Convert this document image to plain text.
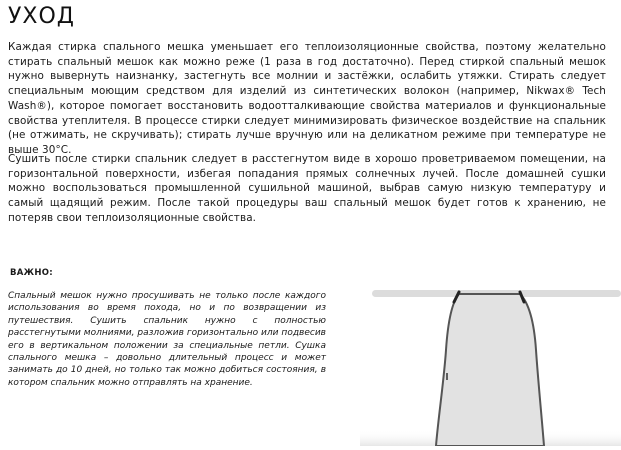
УХОД

Каждая стирка спального мешка уменьшает его теплоизоляционные свойства, поэтому желательно стирать спальный мешок как можно реже (1 раза в год достаточно). Перед стиркой спальный мешок нужно вывернуть наизнанку, застегнуть все молнии и застёжки, ослабить утяжки. Стирать следует специальным моющим средством для изделий из синтетических волокон (например, Nikwax® Tech Wash®), которое помогает восстановить водоотталкивающие свойства материалов и функциональные свойства утеплителя. В процессе стирки следует минимизировать физическое воздействие на спальник (не отжимать, не скручивать); стирать лучше вручную или на деликатном режиме при температуре не выше 30°C.

Сушить после стирки спальник следует в расстегнутом виде в хорошо проветриваемом помещении, на горизонтальной поверхности, избегая попадания прямых солнечных лучей. После домашней сушки можно воспользоваться промышленной сушильной машиной, выбрав самую низкую температуру и самый щадящий режим. После такой процедуры ваш спальный мешок будет готов к хранению, не потеряв свои теплоизоляционные свойства.

ВАЖНО:

Спальный мешок нужно просушивать не только после каждого использования во время похода, но и по возвращении из путешествия. Сушить спальник нужно с полностью расстегнутыми молниями, разложив горизонтально или подвесив его в вертикальном положении за специальные петли. Сушка спального мешка – довольно длительный процесс и может занимать до 10 дней, но только так можно добиться состояния, в котором спальник можно отправлять на хранение.
